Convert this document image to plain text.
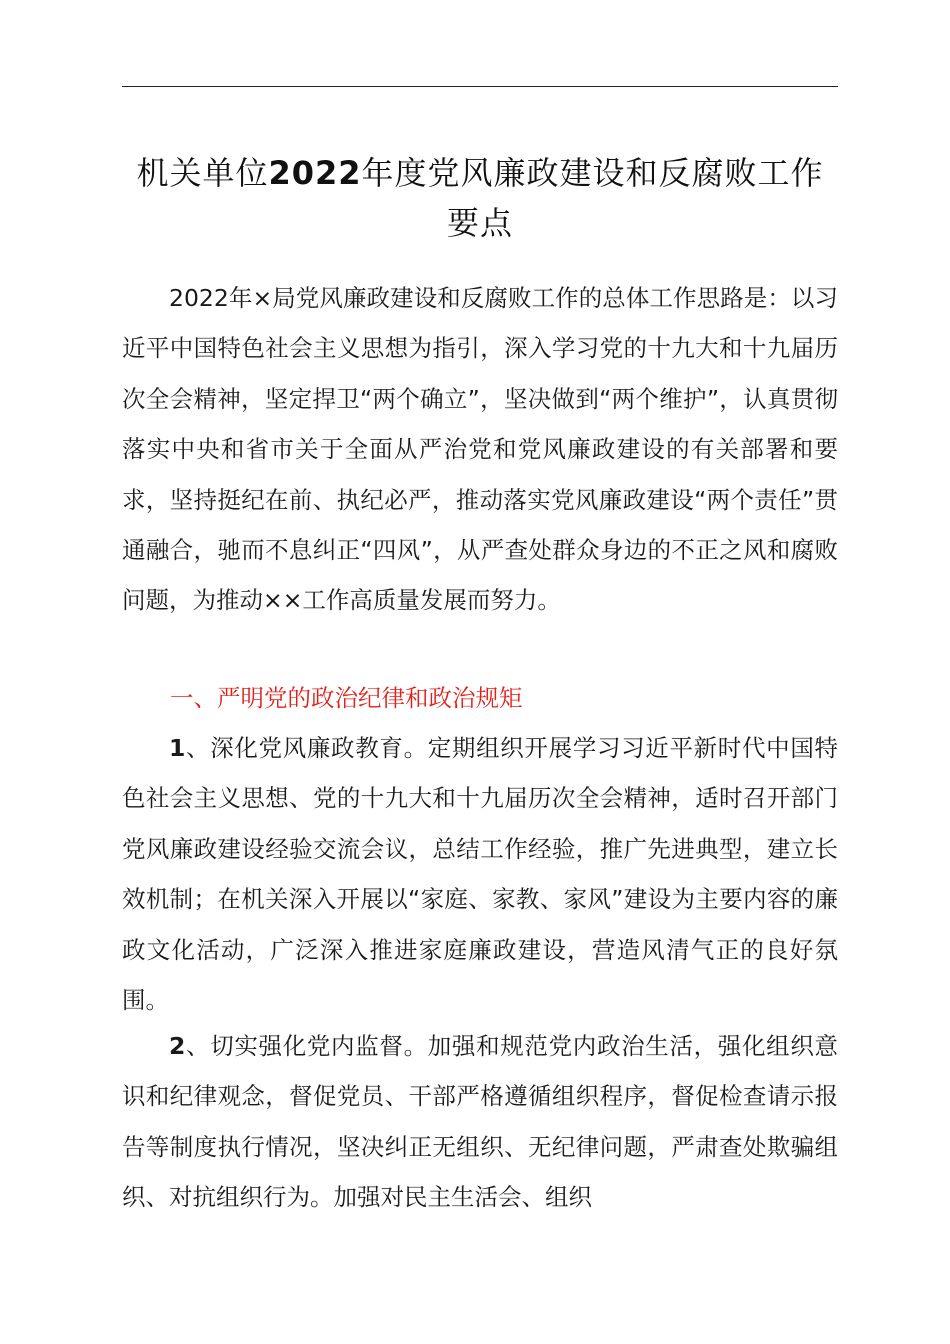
机关单位2022年度党风廉政建设和反腐败工作要点

2022年×局党风廉政建设和反腐败工作的总体工作思路是：以习近平中国特色社会主义思想为指引，深入学习党的十九大和十九届历次全会精神，坚定捍卫“两个确立”，坚决做到“两个维护”，认真贯彻落实中央和省市关于全面从严治党和党风廉政建设的有关部署和要求，坚持挺纪在前、执纪必严，推动落实党风廉政建设“两个责任”贯通融合，驰而不息纠正“四风”，从严查处群众身边的不正之风和腐败问题，为推动××工作高质量发展而努力。

一、严明党的政治纪律和政治规矩

1、深化党风廉政教育。定期组织开展学习习近平新时代中国特色社会主义思想、党的十九大和十九届历次全会精神，适时召开部门党风廉政建设经验交流会议，总结工作经验，推广先进典型，建立长效机制；在机关深入开展以“家庭、家教、家风”建设为主要内容的廉政文化活动，广泛深入推进家庭廉政建设，营造风清气正的良好氛围。

2、切实强化党内监督。加强和规范党内政治生活，强化组织意识和纪律观念，督促党员、干部严格遵循组织程序，督促检查请示报告等制度执行情况，坚决纠正无组织、无纪律问题，严肃查处欺骗组织、对抗组织行为。加强对民主生活会、组织
